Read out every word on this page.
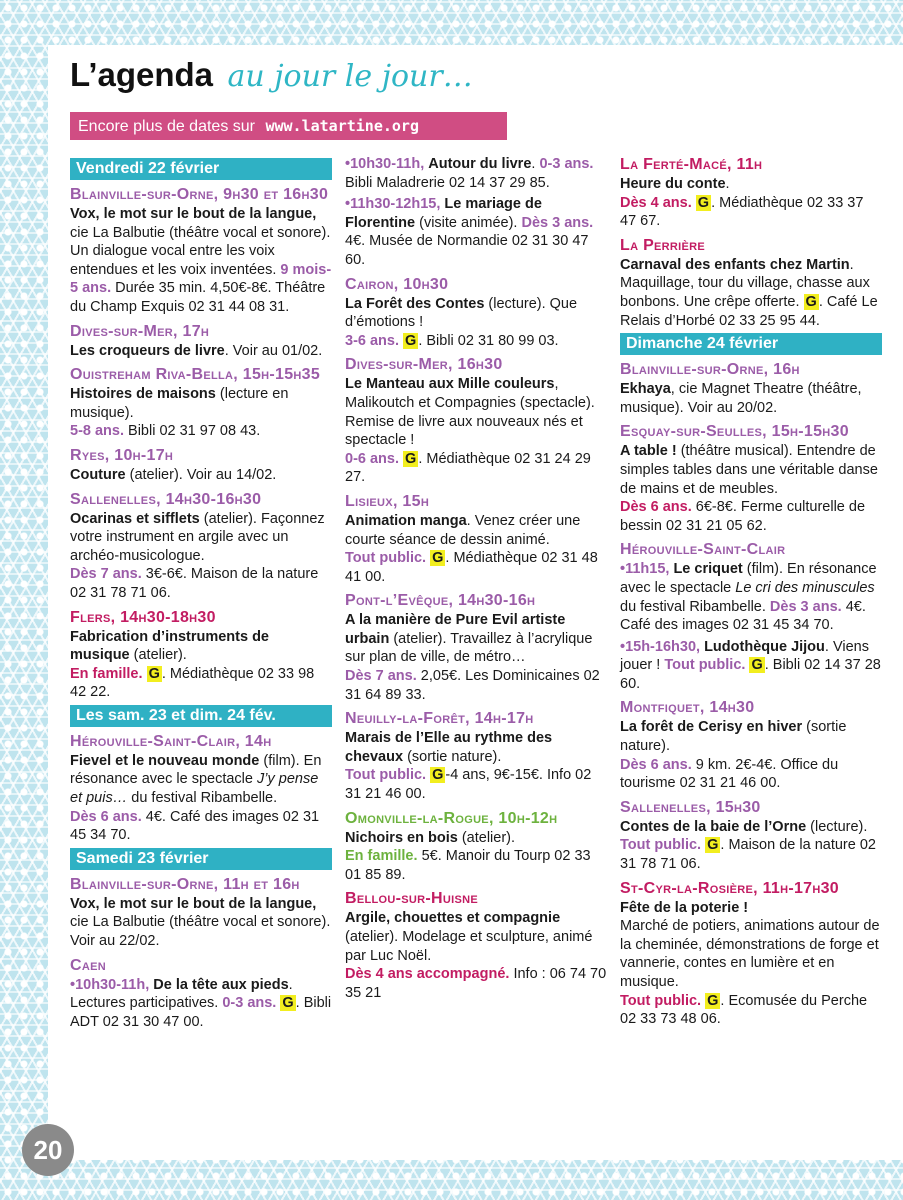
L’agenda au jour le jour…
Encore plus de dates sur www.latartine.org
Vendredi 22 février
Blainville-sur-Orne, 9h30 et 16h30
Vox, le mot sur le bout de la langue, cie La Balbutie (théâtre vocal et sonore). Un dialogue vocal entre les voix entendues et les voix inventées. 9 mois-5 ans. Durée 35 min. 4,50€-8€. Théâtre du Champ Exquis 02 31 44 08 31.
Dives-sur-Mer, 17h
Les croqueurs de livre. Voir au 01/02.
Ouistreham Riva-Bella, 15h-15h35
Histoires de maisons (lecture en musique).
5-8 ans. Bibli 02 31 97 08 43.
Ryes, 10h-17h
Couture (atelier). Voir au 14/02.
Sallenelles, 14h30-16h30
Ocarinas et sifflets (atelier). Façonnez votre instrument en argile avec un archéo-musicologue.
Dès 7 ans. 3€-6€. Maison de la nature 02 31 78 71 06.
Flers, 14h30-18h30
Fabrication d’instruments de musique (atelier).
En famille. G . Médiathèque 02 33 98 42 22.
Les sam. 23 et dim. 24 fév.
Hérouville-Saint-Clair, 14h
Fievel et le nouveau monde (film). En résonance avec le spectacle J’y pense et puis… du festival Ribambelle.
Dès 6 ans. 4€. Café des images 02 31 45 34 70.
Samedi 23 février
Blainville-sur-Orne, 11h et 16h
Vox, le mot sur le bout de la langue, cie La Balbutie (théâtre vocal et sonore). Voir au 22/02.
Caen
•10h30-11h, De la tête aux pieds. Lectures participatives. 0-3 ans. G . Bibli ADT 02 31 30 47 00.
•10h30-11h, Autour du livre. 0-3 ans. Bibli Maladrerie 02 14 37 29 85.
•11h30-12h15, Le mariage de Florentine (visite animée). Dès 3 ans. 4€. Musée de Normandie 02 31 30 47 60.
Cairon, 10h30
La Forêt des Contes (lecture). Que d’émotions !
3-6 ans. G . Bibli 02 31 80 99 03.
Dives-sur-Mer, 16h30
Le Manteau aux Mille couleurs, Malikoutch et Compagnies (spectacle). Remise de livre aux nouveaux nés et spectacle !
0-6 ans. G . Médiathèque 02 31 24 29 27.
Lisieux, 15h
Animation manga. Venez créer une courte séance de dessin animé.
Tout public. G . Médiathèque 02 31 48 41 00.
Pont-l’Evêque, 14h30-16h
A la manière de Pure Evil artiste urbain (atelier). Travaillez à l’acrylique sur plan de ville, de métro…
Dès 7 ans. 2,05€. Les Dominicaines 02 31 64 89 33.
Neuilly-la-Forêt, 14h-17h
Marais de l’Elle au rythme des chevaux (sortie nature).
Tout public. G -4 ans, 9€-15€. Info 02 31 21 46 00.
Omonville-la-Rogue, 10h-12h
Nichoirs en bois (atelier).
En famille. 5€. Manoir du Tourp 02 33 01 85 89.
Bellou-sur-Huisne
Argile, chouettes et compagnie (atelier). Modelage et sculpture, animé par Luc Noël.
Dès 4 ans accompagné. Info : 06 74 70 35 21
La Ferté-Macé, 11h
Heure du conte.
Dès 4 ans. G . Médiathèque 02 33 37 47 67.
La Perrière
Carnaval des enfants chez Martin. Maquillage, tour du village, chasse aux bonbons. Une crêpe offerte. G . Café Le Relais d’Horbé 02 33 25 95 44.
Dimanche 24 février
Blainville-sur-Orne, 16h
Ekhaya, cie Magnet Theatre (théâtre, musique). Voir au 20/02.
Esquay-sur-Seulles, 15h-15h30
A table ! (théâtre musical). Entendre de simples tables dans une véritable danse de mains et de meubles.
Dès 6 ans. 6€-8€. Ferme culturelle de bessin 02 31 21 05 62.
Hérouville-Saint-Clair
•11h15, Le criquet (film). En résonance avec le spectacle Le cri des minuscules du festival Ribambelle. Dès 3 ans. 4€. Café des images 02 31 45 34 70.
•15h-16h30, Ludothèque Jijou. Viens jouer ! Tout public. G . Bibli 02 14 37 28 60.
Montfiquet, 14h30
La forêt de Cerisy en hiver (sortie nature).
Dès 6 ans. 9 km. 2€-4€. Office du tourisme 02 31 21 46 00.
Sallenelles, 15h30
Contes de la baie de l’Orne (lecture).
Tout public. G . Maison de la nature 02 31 78 71 06.
St-Cyr-la-Rosière, 11h-17h30
Fête de la poterie !
Marché de potiers, animations autour de la cheminée, démonstrations de forge et vannerie, contes en lumière et en musique.
Tout public. G . Ecomusée du Perche 02 33 73 48 06.
20
